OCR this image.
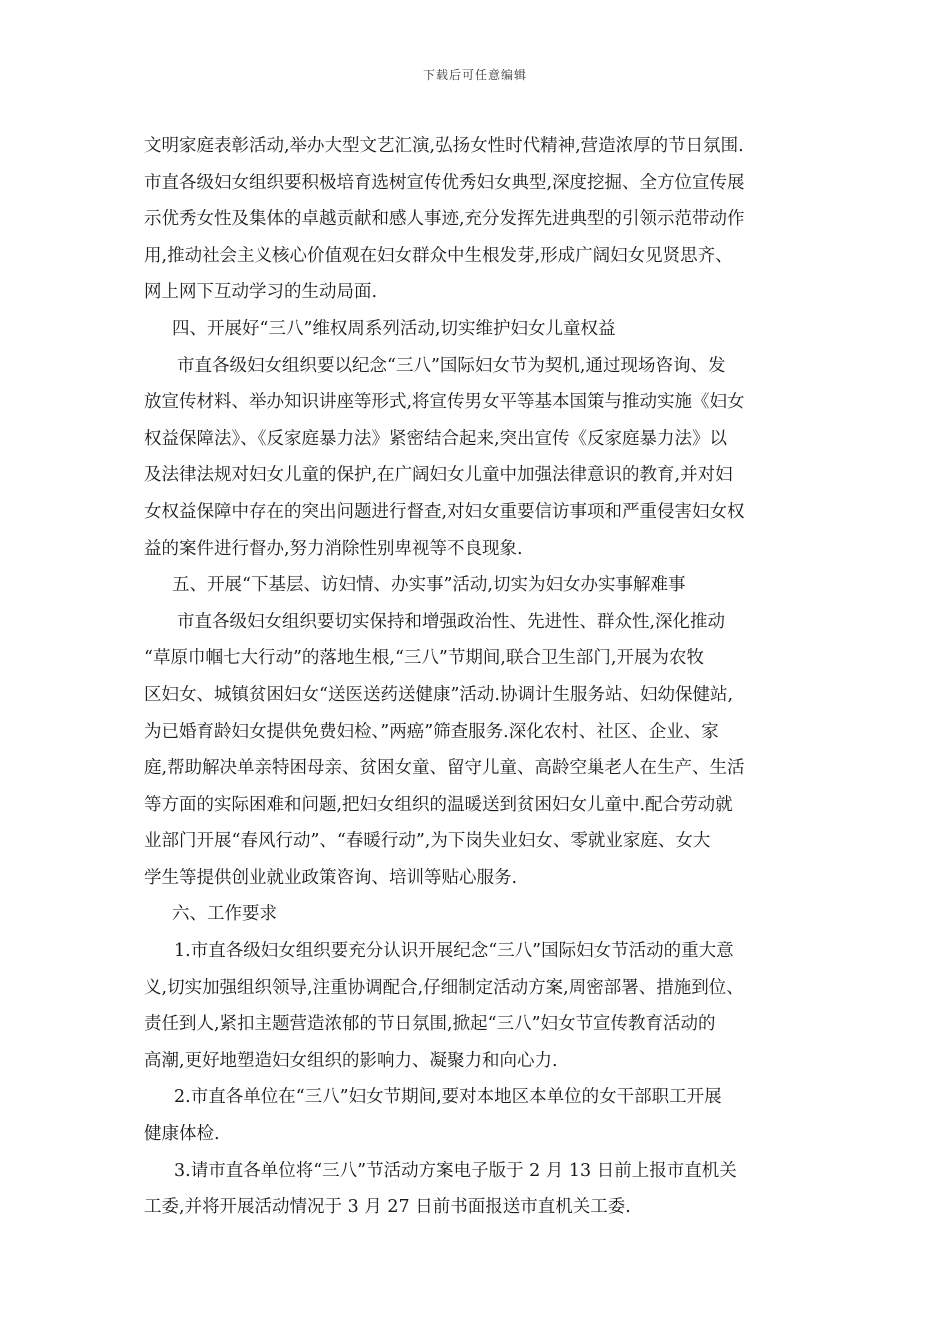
下载后可任意编辑
文明家庭表彰活动,举办大型文艺汇演,弘扬女性时代精神,营造浓厚的节日氛围.
市直各级妇女组织要积极培育选树宣传优秀妇女典型,深度挖掘、全方位宣传展
示优秀女性及集体的卓越贡献和感人事迹,充分发挥先进典型的引领示范带动作
用,推动社会主义核心价值观在妇女群众中生根发芽,形成广阔妇女见贤思齐、
网上网下互动学习的生动局面.
四、开展好“三八”维权周系列活动,切实维护妇女儿童权益
市直各级妇女组织要以纪念“三八”国际妇女节为契机,通过现场咨询、发
放宣传材料、举办知识讲座等形式,将宣传男女平等基本国策与推动实施《妇女
权益保障法》、《反家庭暴力法》紧密结合起来,突出宣传《反家庭暴力法》以
及法律法规对妇女儿童的保护,在广阔妇女儿童中加强法律意识的教育,并对妇
女权益保障中存在的突出问题进行督查,对妇女重要信访事项和严重侵害妇女权
益的案件进行督办,努力消除性别卑视等不良现象.
五、开展“下基层、访妇情、办实事”活动,切实为妇女办实事解难事
市直各级妇女组织要切实保持和增强政治性、先进性、群众性,深化推动
“草原巾帼七大行动”的落地生根,“三八”节期间,联合卫生部门,开展为农牧
区妇女、城镇贫困妇女“送医送药送健康”活动.协调计生服务站、妇幼保健站,
为已婚育龄妇女提供免费妇检、”两癌”筛查服务.深化农村、社区、企业、家
庭,帮助解决单亲特困母亲、贫困女童、留守儿童、高龄空巢老人在生产、生活
等方面的实际困难和问题,把妇女组织的温暖送到贫困妇女儿童中.配合劳动就
业部门开展“春风行动”、“春暖行动”,为下岗失业妇女、零就业家庭、女大
学生等提供创业就业政策咨询、培训等贴心服务.
六、工作要求
1.市直各级妇女组织要充分认识开展纪念“三八”国际妇女节活动的重大意
义,切实加强组织领导,注重协调配合,仔细制定活动方案,周密部署、措施到位、
责任到人,紧扣主题营造浓郁的节日氛围,掀起“三八”妇女节宣传教育活动的
高潮,更好地塑造妇女组织的影响力、凝聚力和向心力.
2.市直各单位在“三八”妇女节期间,要对本地区本单位的女干部职工开展
健康体检.
3.请市直各单位将“三八”节活动方案电子版于 2 月 13 日前上报市直机关
工委,并将开展活动情况于 3 月 27 日前书面报送市直机关工委.
